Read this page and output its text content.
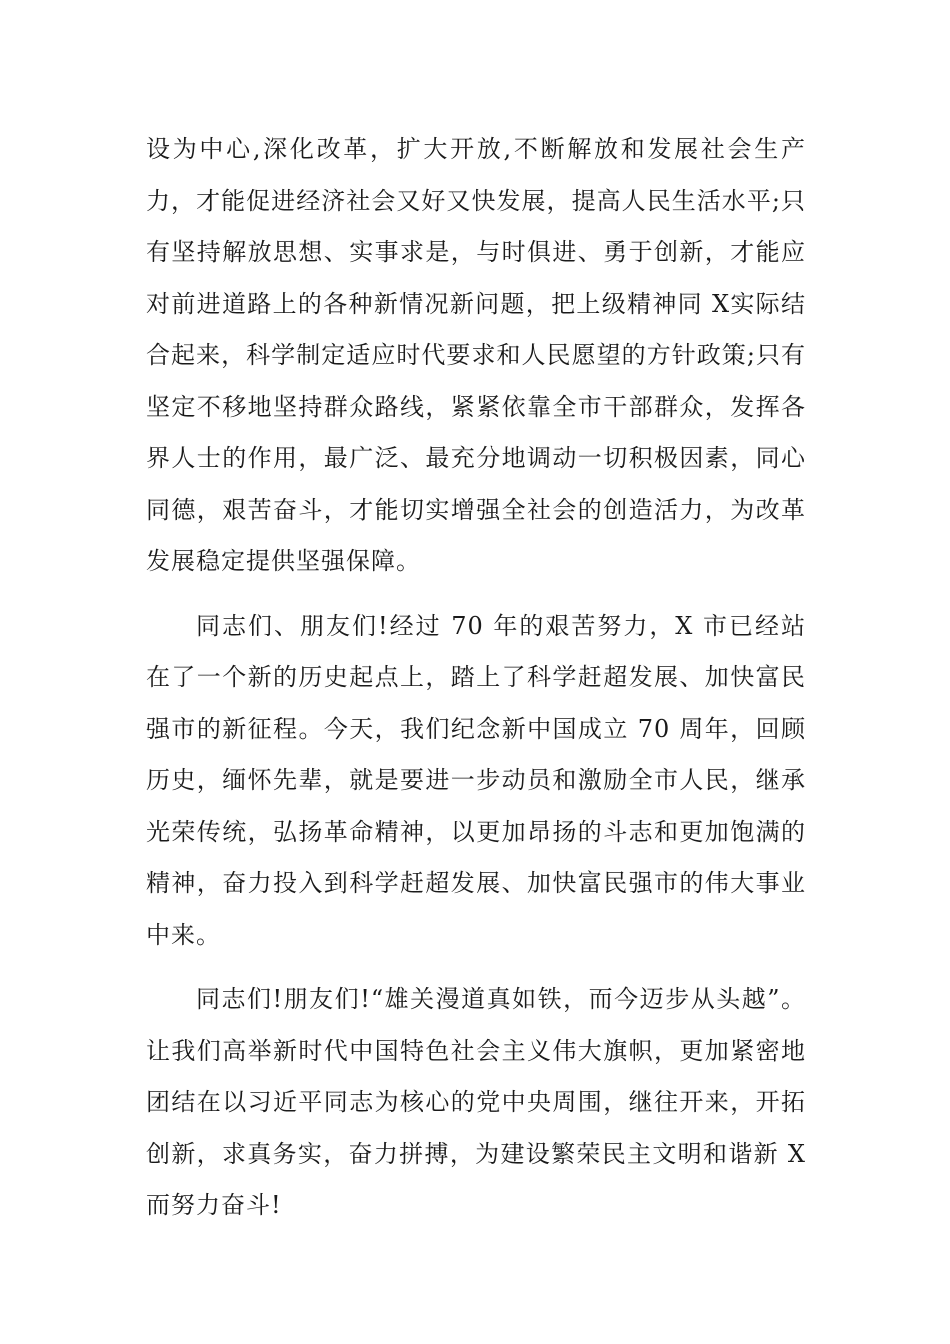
设为中心,深化改革，扩大开放,不断解放和发展社会生产力，才能促进经济社会又好又快发展，提高人民生活水平;只有坚持解放思想、实事求是，与时俱进、勇于创新，才能应对前进道路上的各种新情况新问题，把上级精神同 X实际结合起来，科学制定适应时代要求和人民愿望的方针政策;只有坚定不移地坚持群众路线，紧紧依靠全市干部群众，发挥各界人士的作用，最广泛、最充分地调动一切积极因素，同心同德，艰苦奋斗，才能切实增强全社会的创造活力，为改革发展稳定提供坚强保障。

同志们、朋友们!经过 70 年的艰苦努力，X 市已经站在了一个新的历史起点上，踏上了科学赶超发展、加快富民强市的新征程。今天，我们纪念新中国成立 70 周年，回顾历史，缅怀先辈，就是要进一步动员和激励全市人民，继承光荣传统，弘扬革命精神，以更加昂扬的斗志和更加饱满的精神，奋力投入到科学赶超发展、加快富民强市的伟大事业中来。

同志们!朋友们!“雄关漫道真如铁，而今迈步从头越”。让我们高举新时代中国特色社会主义伟大旗帜，更加紧密地团结在以习近平同志为核心的党中央周围，继往开来，开拓创新，求真务实，奋力拼搏，为建设繁荣民主文明和谐新 X而努力奋斗!
